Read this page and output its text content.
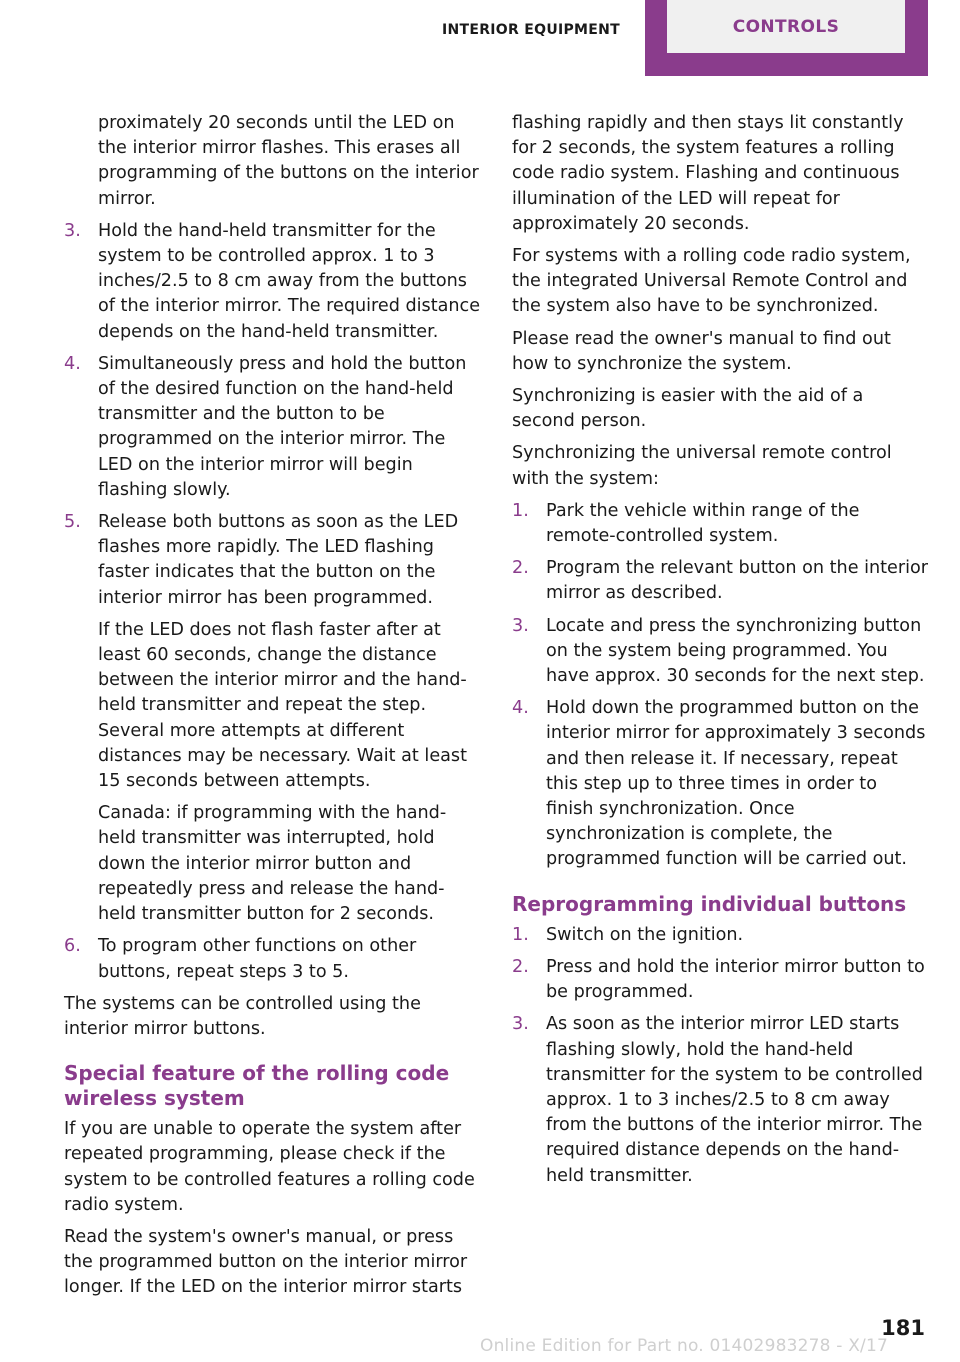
INTERIOR EQUIPMENT	CONTROLS
proximately 20 seconds until the LED on the interior mirror flashes. This erases all programming of the buttons on the interior mirror.
3. Hold the hand-held transmitter for the system to be controlled approx. 1 to 3 inches/2.5 to 8 cm away from the buttons of the interior mirror. The required distance depends on the hand-held transmitter.
4. Simultaneously press and hold the button of the desired function on the hand-held transmitter and the button to be programmed on the interior mirror. The LED on the interior mirror will begin flashing slowly.
5. Release both buttons as soon as the LED flashes more rapidly. The LED flashing faster indicates that the button on the interior mirror has been programmed.
If the LED does not flash faster after at least 60 seconds, change the distance between the interior mirror and the hand-held transmitter and repeat the step. Several more attempts at different distances may be necessary. Wait at least 15 seconds between attempts.
Canada: if programming with the hand-held transmitter was interrupted, hold down the interior mirror button and repeatedly press and release the hand-held transmitter button for 2 seconds.
6. To program other functions on other buttons, repeat steps 3 to 5.

The systems can be controlled using the interior mirror buttons.

Special feature of the rolling code wireless system

If you are unable to operate the system after repeated programming, please check if the system to be controlled features a rolling code radio system.

Read the system's owner's manual, or press the programmed button on the interior mirror longer. If the LED on the interior mirror starts

flashing rapidly and then stays lit constantly for 2 seconds, the system features a rolling code radio system. Flashing and continuous illumination of the LED will repeat for approximately 20 seconds.

For systems with a rolling code radio system, the integrated Universal Remote Control and the system also have to be synchronized.

Please read the owner's manual to find out how to synchronize the system.

Synchronizing is easier with the aid of a second person.

Synchronizing the universal remote control with the system:

1. Park the vehicle within range of the remote-controlled system.
2. Program the relevant button on the interior mirror as described.
3. Locate and press the synchronizing button on the system being programmed. You have approx. 30 seconds for the next step.
4. Hold down the programmed button on the interior mirror for approximately 3 seconds and then release it. If necessary, repeat this step up to three times in order to finish synchronization. Once synchronization is complete, the programmed function will be carried out.
Reprogramming individual buttons
1. Switch on the ignition.
2. Press and hold the interior mirror button to be programmed.
3. As soon as the interior mirror LED starts flashing slowly, hold the hand-held transmitter for the system to be controlled approx. 1 to 3 inches/2.5 to 8 cm away from the buttons of the interior mirror. The required distance depends on the hand-held transmitter.
Online Edition for Part no. 01402983278 - X/17
181
